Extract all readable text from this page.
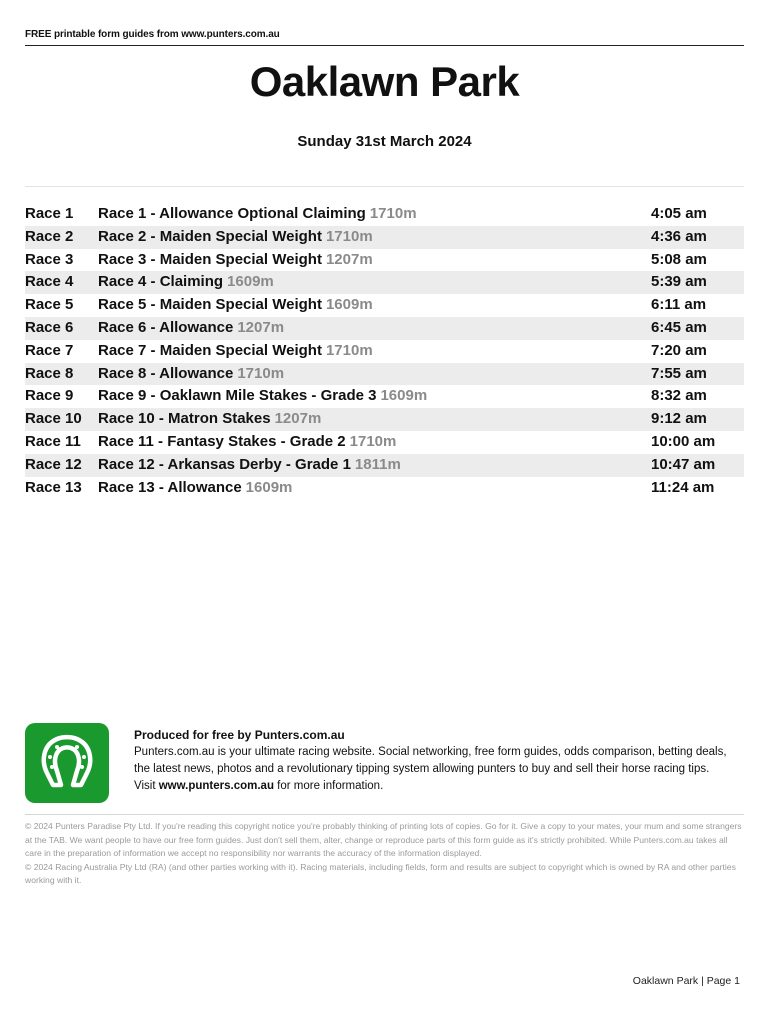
FREE printable form guides from www.punters.com.au
Oaklawn Park
Sunday 31st March 2024
Race 1 Race 1 - Allowance Optional Claiming 1710m	4:05 am
Race 2 Race 2 - Maiden Special Weight 1710m	4:36 am
Race 3 Race 3 - Maiden Special Weight 1207m	5:08 am
Race 4 Race 4 - Claiming 1609m	5:39 am
Race 5 Race 5 - Maiden Special Weight 1609m	6:11 am
Race 6 Race 6 - Allowance 1207m	6:45 am
Race 7 Race 7 - Maiden Special Weight 1710m	7:20 am
Race 8 Race 8 - Allowance 1710m	7:55 am
Race 9 Race 9 - Oaklawn Mile Stakes - Grade 3 1609m	8:32 am
Race 10 Race 10 - Matron Stakes 1207m	9:12 am
Race 11 Race 11 - Fantasy Stakes - Grade 2 1710m	10:00 am
Race 12 Race 12 - Arkansas Derby - Grade 1 1811m	10:47 am
Race 13 Race 13 - Allowance 1609m	11:24 am
Produced for free by Punters.com.au
Punters.com.au is your ultimate racing website. Social networking, free form guides, odds comparison, betting deals, the latest news, photos and a revolutionary tipping system allowing punters to buy and sell their horse racing tips.
Visit www.punters.com.au for more information.

© 2024 Punters Paradise Pty Ltd. If you're reading this copyright notice you're probably thinking of printing lots of copies. Go for it. Give a copy to your mates, your mum and some strangers at the TAB. We want people to have our free form guides. Just don't sell them, alter, change or reproduce parts of this form guide as it's strictly prohibited. While Punters.com.au takes all care in the preparation of information we accept no responsibility nor warrants the accuracy of the information displayed.

© 2024 Racing Australia Pty Ltd (RA) (and other parties working with it). Racing materials, including fields, form and results are subject to copyright which is owned by RA and other parties working with it.

Oaklawn Park | Page 1
